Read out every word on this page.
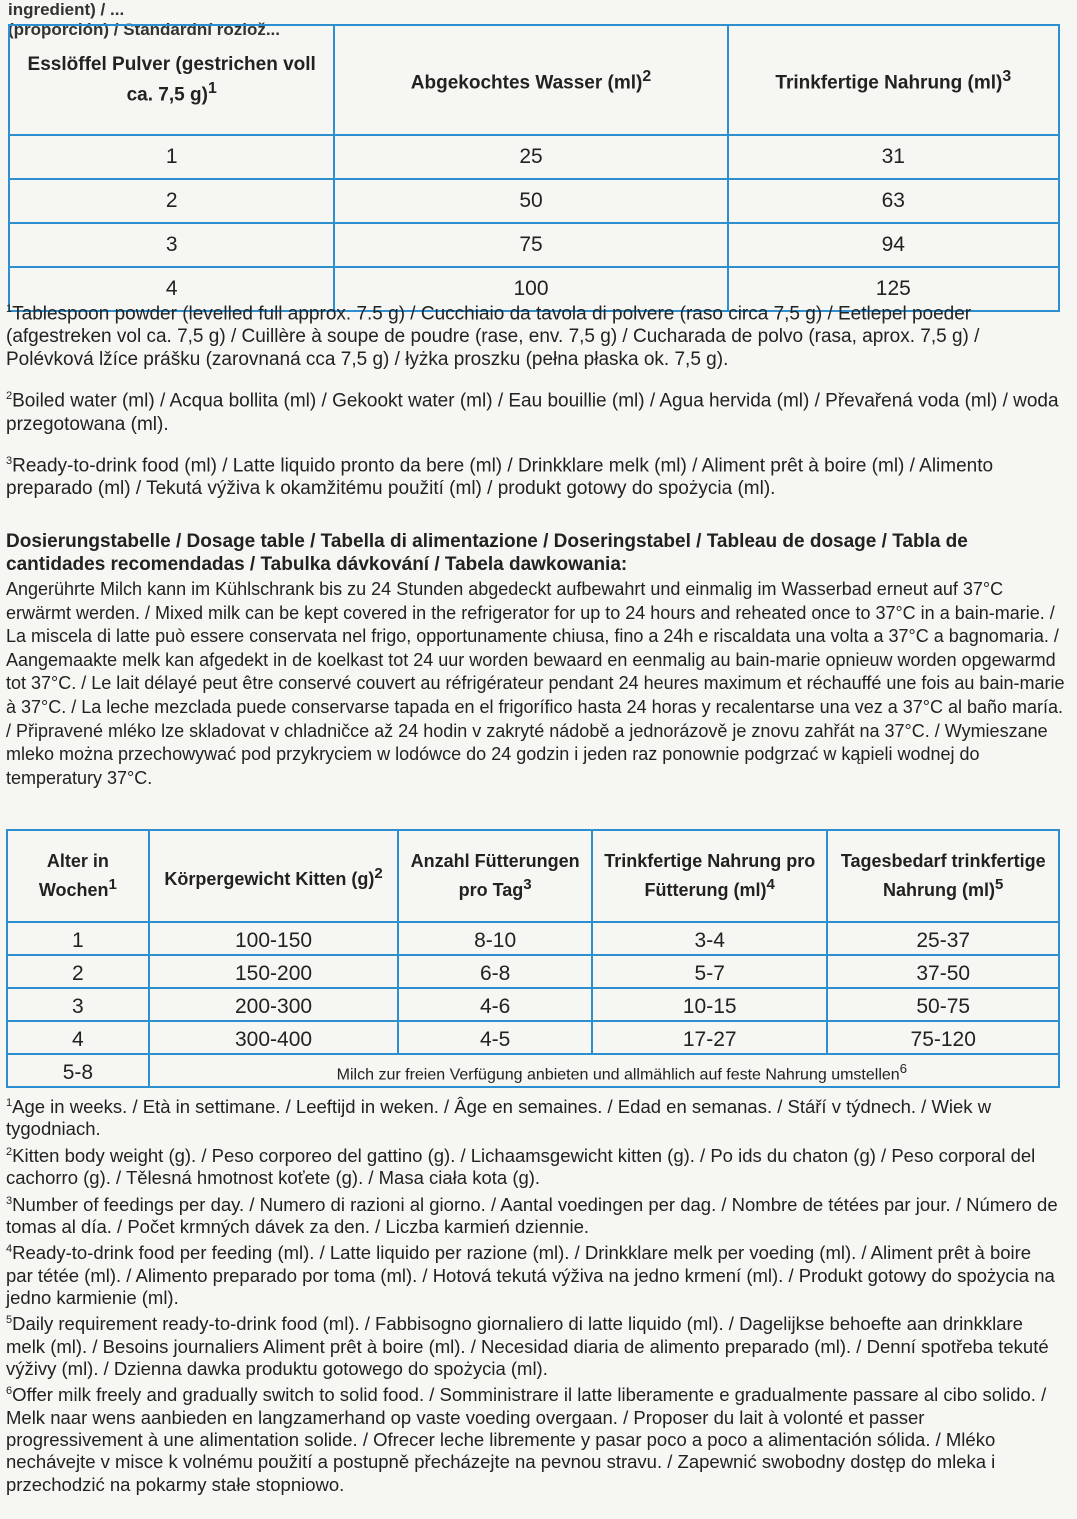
ingredient) / ...
(proporción) / Standardní rozlož...
Esslöffel Pulver (gestrichen voll ca. 7,5 g)$^1$	Abgekochtes Wasser (ml)$^2$	Trinkfertige Nahrung (ml)$^3$
1	25	31
2	50	63
3	75	94
4	100	125

$^1$Tablespoon powder (levelled full approx. 7.5 g) / Cucchiaio da tavola di polvere (raso circa 7,5 g) / Eetlepel poeder (afgestreken vol ca. 7,5 g) / Cuillère à soupe de poudre (rase, env. 7,5 g) / Cucharada de polvo (rasa, aprox. 7,5 g) / Polévková lžíce prášku (zarovnaná cca 7,5 g) / łyżka proszku (pełna płaska ok. 7,5 g).

$^2$Boiled water (ml) / Acqua bollita (ml) / Gekookt water (ml) / Eau bouillie (ml) / Agua hervida (ml) / Převařená voda (ml) / woda przegotowana (ml).

$^3$Ready-to-drink food (ml) / Latte liquido pronto da bere (ml) / Drinkklare melk (ml) / Aliment prêt à boire (ml) / Alimento preparado (ml) / Tekutá výživa k okamžitému použití (ml) / produkt gotowy do spożycia (ml).

Dosierungstabelle / Dosage table / Tabella di alimentazione / Doseringstabel / Tableau de dosage / Tabla de cantidades recomendadas / Tabulka dávkování / Tabela dawkowania:
Angerührte Milch kann im Kühlschrank bis zu 24 Stunden abgedeckt aufbewahrt und einmalig im Wasserbad erneut auf 37°C erwärmt werden. / Mixed milk can be kept covered in the refrigerator for up to 24 hours and reheated once to 37°C in a bain-marie. / La miscela di latte può essere conservata nel frigo, opportunamente chiusa, fino a 24h e riscaldata una volta a 37°C a bagnomaria. / Aangemaakte melk kan afgedekt in de koelkast tot 24 uur worden bewaard en eenmalig au bain-marie opnieuw worden opgewarmd tot 37°C. / Le lait délayé peut être conservé couvert au réfrigérateur pendant 24 heures maximum et réchauffé une fois au bain-marie à 37°C. / La leche mezclada puede conservarse tapada en el frigorífico hasta 24 horas y recalentarse una vez a 37°C al baño maría. / Připravené mléko lze skladovat v chladničce až 24 hodin v zakryté nádobě a jednorázově je znovu zahřát na 37°C. / Wymieszane mleko można przechowywać pod przykryciem w lodówce do 24 godzin i jeden raz ponownie podgrzać w kąpieli wodnej do temperatury 37°C.
Alter in Wochen$^1$	Körpergewicht Kitten $(g)^2$	Anzahl Fütterungen pro Tag$^3$	Trinkfertige Nahrung pro Fütterung (ml)$^4$	Tagesbedarf trinkfertige Nahrung (ml)$^5$
1	100-150	8-10	3-4	25-37
2	150-200	6-8	5-7	37-50
3	200-300	4-6	10-15	50-75
4	300-400	4-5	17-27	75-120
5-8	Milch zur freien Verfügung anbieten und allmählich auf feste Nahrung umstellen$^6$
$^1$Age in weeks. / Età in settimane. / Leeftijd in weken. / Âge en semaines. / Edad en semanas. / Stáří v týdnech. / Wiek w tygodniach.
$^2$Kitten body weight (g). / Peso corporeo del gattino (g). / Lichaamsgewicht kitten (g). / Po ids du chaton (g) / Peso corporal del cachorro (g). / Tělesná hmotnost koťete (g). / Masa ciała kota (g).
$^3$Number of feedings per day. / Numero di razioni al giorno. / Aantal voedingen per dag. / Nombre de tétées par jour. / Número de tomas al día. / Počet krmných dávek za den. / Liczba karmień dziennie.
$^4$Ready-to-drink food per feeding (ml). / Latte liquido per razione (ml). / Drinkklare melk per voeding (ml). / Aliment prêt à boire par tétée (ml). / Alimento preparado por toma (ml). / Hotová tekutá výživa na jedno krmení (ml). / Produkt gotowy do spożycia na jedno karmienie (ml).
$^5$Daily requirement ready-to-drink food (ml). / Fabbisogno giornaliero di latte liquido (ml). / Dagelijkse behoefte aan drinkklare melk (ml). / Besoins journaliers Aliment prêt à boire (ml). / Necesidad diaria de alimento preparado (ml). / Denní spotřeba tekuté výživy (ml). / Dzienna dawka produktu gotowego do spożycia (ml).
$^6$Offer milk freely and gradually switch to solid food. / Somministrare il latte liberamente e gradualmente passare al cibo solido. / Melk naar wens aanbieden en langzamerhand op vaste voeding overgaan. / Proposer du lait à volonté et passer progressivement à une alimentation solide. / Ofrecer leche libremente y pasar poco a poco a alimentación sólida. / Mléko nechávejte v misce k volnému použití a postupně přecházejte na pevnou stravu. / Zapewnić swobodny dostęp do mleka i przechodzić na pokarmy stałe stopniowo.
